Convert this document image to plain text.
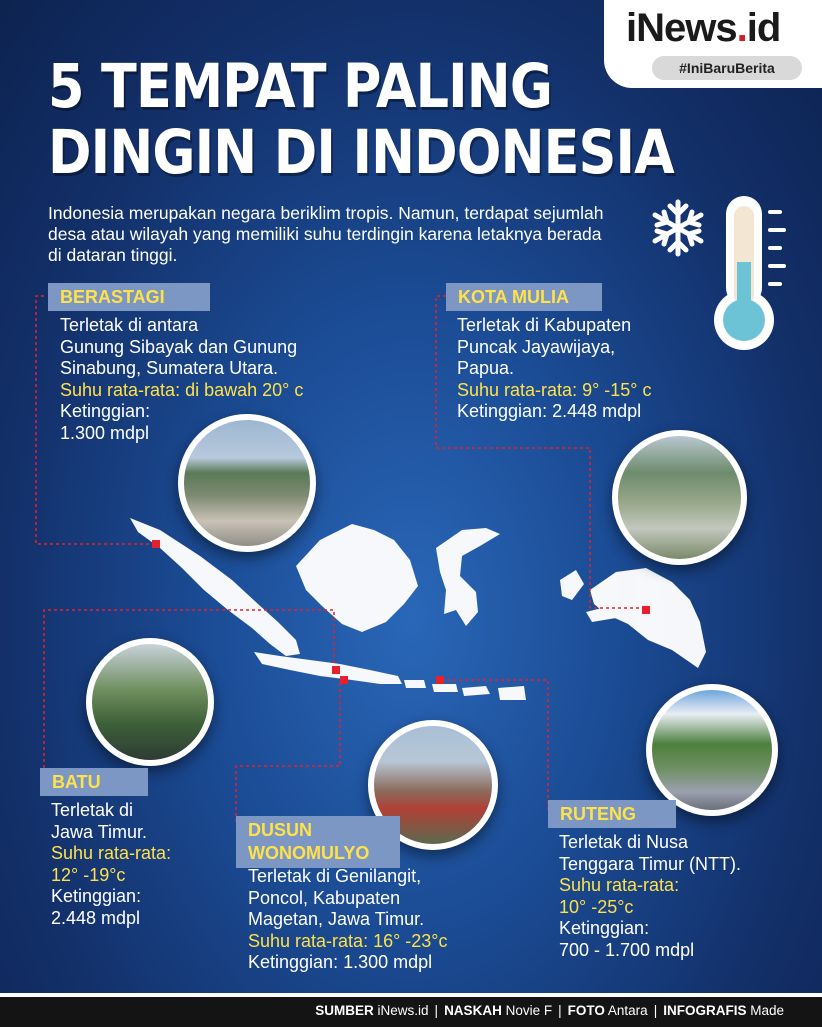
iNews.id
#IniBaruBerita
5 TEMPAT PALING
DINGIN DI INDONESIA
Indonesia merupakan negara beriklim tropis. Namun, terdapat sejumlah desa atau wilayah yang memiliki suhu terdingin karena letaknya berada di dataran tinggi.
BERASTAGI
Terletak di antara
Gunung Sibayak dan Gunung
Sinabung, Sumatera Utara.
Suhu rata-rata: di bawah 20° c
Ketinggian:
1.300 mdpl
KOTA MULIA
Terletak di Kabupaten
Puncak Jayawijaya,
Papua.
Suhu rata-rata: 9° -15° c
Ketinggian: 2.448 mdpl
BATU
Terletak di
Jawa Timur.
Suhu rata-rata:
12° -19°c
Ketinggian:
2.448 mdpl
DUSUN
WONOMULYO
Terletak di Genilangit,
Poncol, Kabupaten
Magetan, Jawa Timur.
Suhu rata-rata: 16° -23°c
Ketinggian: 1.300 mdpl
RUTENG
Terletak di Nusa
Tenggara Timur (NTT).
Suhu rata-rata:
10° -25°c
Ketinggian:
700 - 1.700 mdpl
SUMBER iNews.id | NASKAH Novie F | FOTO Antara | INFOGRAFIS Made
